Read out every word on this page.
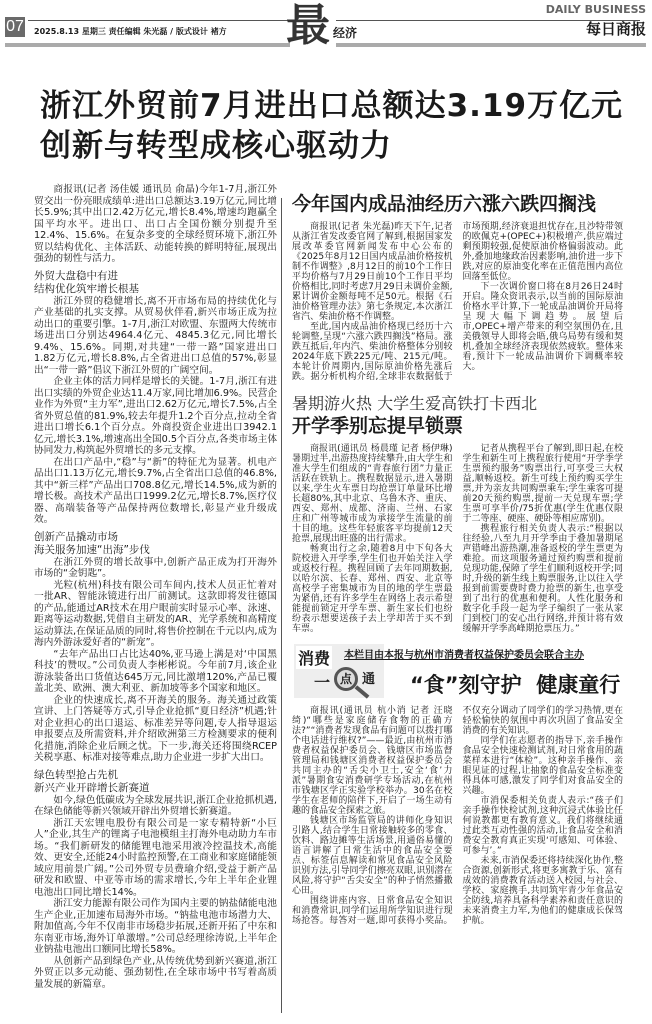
07 2025.8.13 星期三 责任编辑 朱光磊 / 版式设计 褚方 最 经济
DAILY BUSINESS
每日商报
浙江外贸前7月进出口总额达3.19万亿元
创新与转型成核心驱动力

商报讯(记者 汤佳媛 通讯员 俞晶)今年1-7月,浙江外贸交出一份亮眼成绩单:进出口总额达3.19万亿元,同比增长5.9%;其中出口2.42万亿元,增长8.4%,增速均跑赢全国平均水平。进出口、出口占全国份额分别提升至12.4%、15.6%。在复杂多变的全球经贸环境下,浙江外贸以结构优化、主体活跃、动能转换的鲜明特征,展现出强劲的韧性与活力。

外贸大盘稳中有进
结构优化筑牢增长根基

浙江外贸的稳健增长,离不开市场布局的持续优化与产业基础的扎实支撑。从贸易伙伴看,新兴市场正成为拉动出口的重要引擎。1-7月,浙江对欧盟、东盟两大传统市场进出口分别达4964.4亿元、4845.3亿元,同比增长9.4%、15.6%。同期,对共建“一带一路”国家进出口1.82万亿元,增长8.8%,占全省进出口总值的57%,彰显出“一带一路”倡议下浙江外贸的广阔空间。

企业主体的活力同样是增长的关键。1-7月,浙江有进出口实绩的外贸企业达11.4万家,同比增加6.9%。民营企业作为外贸“主力军”,进出口2.62万亿元,增长7.5%,占全省外贸总值的81.9%,较去年提升1.2个百分点,拉动全省进出口增长6.1个百分点。外商投资企业进出口3942.1亿元,增长3.1%,增速高出全国0.5个百分点,各类市场主体协同发力,构筑起外贸增长的多元支撑。

在出口产品中,“稳”与“新”的特征尤为显著。机电产品出口1.13万亿元,增长9.7%,占全省出口总值的46.8%,其中“新三样”产品出口708.8亿元,增长14.5%,成为新的增长极。高技术产品出口1999.2亿元,增长8.7%,医疗仪器、高端装备等产品保持两位数增长,彰显产业升级成效。

创新产品撬动市场
海关服务加速“出海”步伐

在浙江外贸的增长故事中,创新产品正成为打开海外市场的“金钥匙”。

光粒(杭州)科技有限公司车间内,技术人员正忙着对一批AR、智能泳镜进行出厂前测试。这款即将发往德国的产品,能通过AR技术在用户眼前实时显示心率、泳速、距离等运动数据,凭借自主研发的AR、光学系统和高精度运动算法,在保证品质的同时,将售价控制在千元以内,成为海内外游泳爱好者的“新宠”。

“去年产品出口占比达40%,亚马逊上满是对‘中国黑科技’的赞叹。”公司负责人李彬彬说。今年前7月,该企业游泳装备出口货值达645万元,同比激增120%,产品已覆盖北美、欧洲、澳大利亚、新加坡等多个国家和地区。

企业的快速成长,离不开海关的服务。海关通过政策宣讲、上门答疑等方式,引导企业抢抓“夏日经济”机遇;针对企业担心的出口退运、标准差异等问题,专人指导退运申报要点及所需资料,并介绍欧洲第三方检测要求的便利化措施,消除企业后顾之忧。下一步,海关还将围绕RCEP关税享惠、标准对接等难点,助力企业进一步扩大出口。

绿色转型抢占先机
新兴产业开辟增长新赛道

如今,绿色低碳成为全球发展共识,浙江企业抢抓机遇,在绿色储能等新兴领域开辟出外贸增长新赛道。

浙江天宏锂电股份有限公司是一家专精特新“小巨人”企业,其生产的锂离子电池模组主打海外电动助力车市场。“我们新研发的储能锂电池采用液冷控温技术,高能效、更安全,还能24小时监控预警,在工商业和家庭储能领域应用前景广阔。”公司外贸专员费瑜介绍,受益于新产品研发和欧盟、中亚等市场的需求增长,今年上半年企业锂电池出口同比增长14%。

浙江安力能源有限公司作为国内主要的钠盐储能电池生产企业,正加速布局海外市场。“钠盐电池市场潜力大、附加值高,今年不仅南非市场稳步拓展,还新开拓了中东和东南亚市场,海外订单激增。”公司总经理徐涛说,上半年企业钠盐电池出口额同比增长58%。

从创新产品到绿色产业,从传统优势到新兴赛道,浙江外贸正以多元动能、强劲韧性,在全球市场中书写着高质量发展的新篇章。

今年国内成品油经历六涨六跌四搁浅

商报讯(记者 朱光磊)昨天下午,记者从浙江省发改委官网了解到,根据国家发展改革委官网新闻发布中心公布的《2025年8月12日国内成品油价格按机制不作调整》,8月12日的前10个工作日平均价格与7月29日前10个工作日平均价格相比,同时考虑7月29日未调价金额,累计调价金额每吨不足50元。根据《石油价格管理办法》第七条规定,本次浙江省汽、柴油价格不作调整。

至此,国内成品油价格现已经历十六轮调整,呈现“六涨六跌四搁浅”格局。涨跌互抵后,年内汽、柴油价格整体分别较2024年底下跌225元/吨、215元/吨。本轮计价周期内,国际原油价格先涨后跌。据分析机构介绍,全球非农数据低于市场预期,经济衰退担忧存在,且沙特带领的欧佩克+(OPEC+)积极增产,供应端过剩预期较强,促使原油价格偏弱波动。此外,叠加地缘政治因素影响,油价进一步下跌,对应的原油变化率在正值范围内高位回落至低位。

下一次调价窗口将在8月26日24时开启。隆众资讯表示,以当前的国际原油价格水平计算,下一轮成品油调价开局将呈现大幅下调趋势。展望后市,OPEC+增产带来的利空氛围仍在,且美俄领导人即将会晤,俄乌局势有缓和契机,叠加全球经济表现依然疲软。整体来看,预计下一轮成品油调价下调概率较大。

暑期游火热 大学生爱高铁打卡西北
开学季别忘提早锁票

商报讯(通讯员 杨晨瑾 记者 杨伊琳)暑期过半,出游热度持续攀升,由大学生和准大学生们组成的“青春旅行团”力量正活跃在铁轨上。携程数据显示,进入暑期以来,学生火车票日均抢票订单量环比增长超80%,其中北京、乌鲁木齐、重庆、西安、郑州、成都、济南、兰州、石家庄和广州等城市成为承接学生流量的前十目的地。这些年轻旅客平均提前12天抢票,展现出旺盛的出行需求。

畅爽出行之余,随着8月中下旬各大院校进入开学季,学生们也开始关注入学或返校行程。携程回顾了去年同期数据,以哈尔滨、长春、郑州、西安、北京等高校学子密集城市为目的地的学生票最为紧俏,还有许多学生在网络上表示希望能提前锁定开学车票、新生家长们也纷纷表示想要送孩子去上学却苦于买不到车票。

记者从携程平台了解到,即日起,在校学生和新生可上携程旅行使用“开学季学生票预约服务”购票出行,可享受三大权益,顺畅返校。新生可线上预约购买学生票,并为亲友共同购票乘车;学生乘客可提前20天预约购票,提前一天兑现车票;学生票可享半价/75折优惠(学生优惠仅限于二等座、硬座、硬卧等相应席别)。

携程旅行相关负责人表示:“根据以往经验,八至九月开学季由于叠加暑期尾声错峰出游热潮,准备返校的学生票更为难抢。而这项服务通过预约购票和提前兑现功能,保障了学生们顺利返校开学;同时,升级的新生线上购票服务,让以往入学报到前需要费时费力抢票的新生,也享受到了出行的优惠和便利。人性化服务和数字化手段一起为学子编织了一张从家门到校门的安心出行网络,并预计将有效缓解开学季高峰期抢票压力。”

消费
一 点 通
本栏目由本报与杭州市消费者权益保护委员会联合主办
“食”刻守护  健康童行

商报讯(通讯员 杭小消 记者 汪晓绮)“哪些是家庭储存食物的正确方法?”“消费者发现食品有问题可以拨打哪个电话进行维权?”——最近,由杭州市消费者权益保护委员会、钱塘区市场监督管理局和钱塘区消费者权益保护委员会共同主办的“舌尖小卫士,安全‘食’力派”暑期食安消费研学专场活动,在杭州市钱塘区学正实验学校举办。30名在校学生在老师的陪伴下,开启了一场生动有趣的食品安全探索之旅。

钱塘区市场监管局的讲师化身知识引路人,结合学生日常接触较多的零食、饮料、路边摊等生活场景,用通俗易懂的语言讲解了日常生活中的食品安全要点、标签信息解读和常见食品安全风险识别方法,引导同学们擦亮双眼,识别潜在风险,将守护“舌尖安全”的种子悄然播撒心田。

围绕讲座内容、日常食品安全知识和消费常识,同学们运用所学知识进行现场抢答。每答对一题,即可获得小奖品。不仅充分调动了同学们的学习热情,更在轻松愉快的氛围中再次巩固了食品安全消费的有关知识。

同学们在志愿者的指导下,亲手操作食品安全快速检测试剂,对日常食用的蔬菜样本进行“体检”。这种亲手操作、亲眼见证的过程,让抽象的食品安全标准变得具体可感,激发了同学们对食品安全的兴趣。

市消保委相关负责人表示:“孩子们亲手操作快检试剂,这种沉浸式体验比任何说教都更有教育意义。我们将继续通过此类互动性强的活动,让食品安全和消费安全教育真正实现‘可感知、可体验、可参与’。”

未来,市消保委还将持续深化协作,整合资源,创新形式,将更多寓教于乐、富有成效的消费教育活动送入校园,与社会、学校、家庭携手,共同筑牢青少年食品安全防线,培养具备科学素养和责任意识的未来消费主力军,为他们的健康成长保驾护航。
